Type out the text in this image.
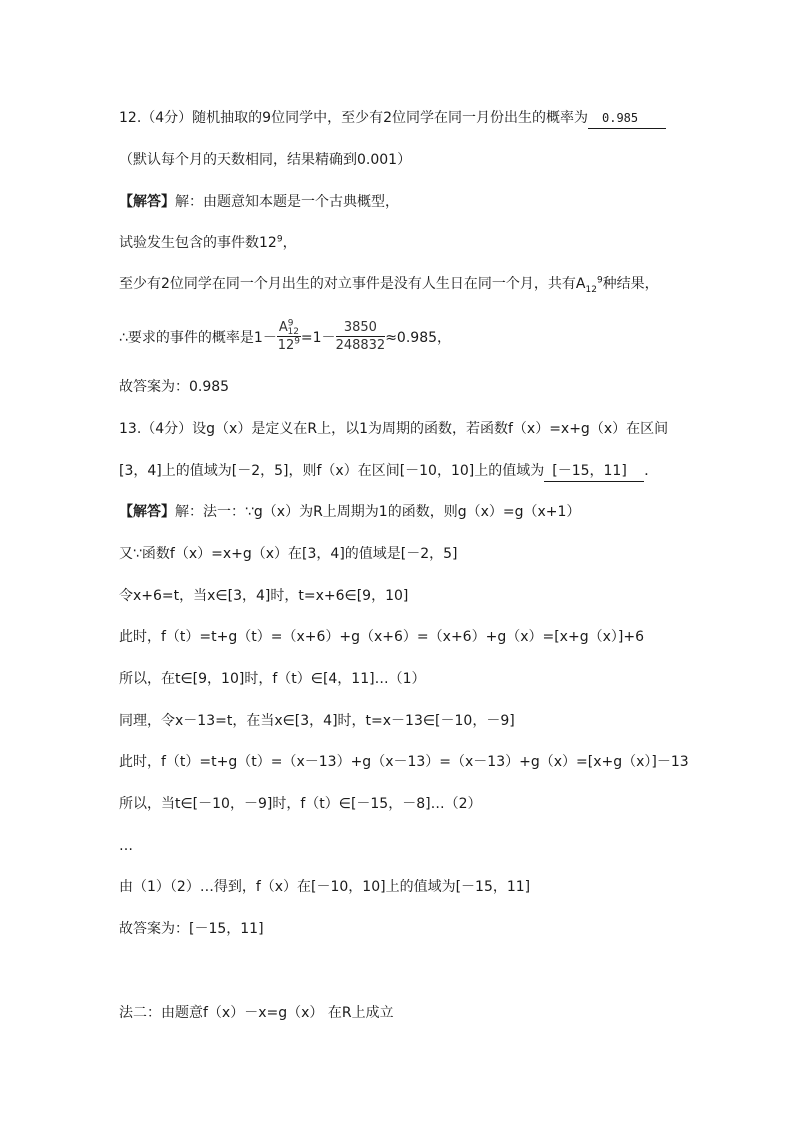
12.（4分）随机抽取的9位同学中，至少有2位同学在同一月份出生的概率为 0.985
（默认每个月的天数相同，结果精确到0.001）
【解答】解：由题意知本题是一个古典概型，
试验发生包含的事件数$12^9$，
至少有2位同学在同一个月出生的对立事件是没有人生日在同一个月，共有$A_{12}^9$种结果，
∴要求的事件的概率是$1- \frac{A^9_{12}}{12^9} =1- \frac{3850}{248832} \approx 0.985$，
故答案为：0.985
13.（4分）设g（x）是定义在R上，以1为周期的函数，若函数f（x）=x+g（x）在区间
[3，4]上的值域为[－2，5]，则f（x）在区间[－10，10]上的值域为 [－15，11] ．
【解答】解：法一：∵g（x）为R上周期为1的函数，则g（x）=g（x+1）
又∵函数f（x）=x+g（x）在[3，4]的值域是[－2，5]
令x+6=t，当x∈[3，4]时，t=x+6∈[9，10]
此时，f（t）=t+g（t）=（x+6）+g（x+6）=（x+6）+g（x）=[x+g（x）]+6
所以，在t∈[9，10]时，f（t）∈[4，11]…（1）
同理，令x－13=t，在当x∈[3，4]时，t=x－13∈[－10，－9]
此时，f（t）=t+g（t）=（x－13）+g（x－13）=（x－13）+g（x）=[x+g（x）]－13
所以，当t∈[－10，－9]时，f（t）∈[－15，－8]…（2）
…
由（1）（2）…得到，f（x）在[－10，10]上的值域为[－15，11]
故答案为：[－15，11]
法二：由题意f（x）－x=g（x） 在R上成立
